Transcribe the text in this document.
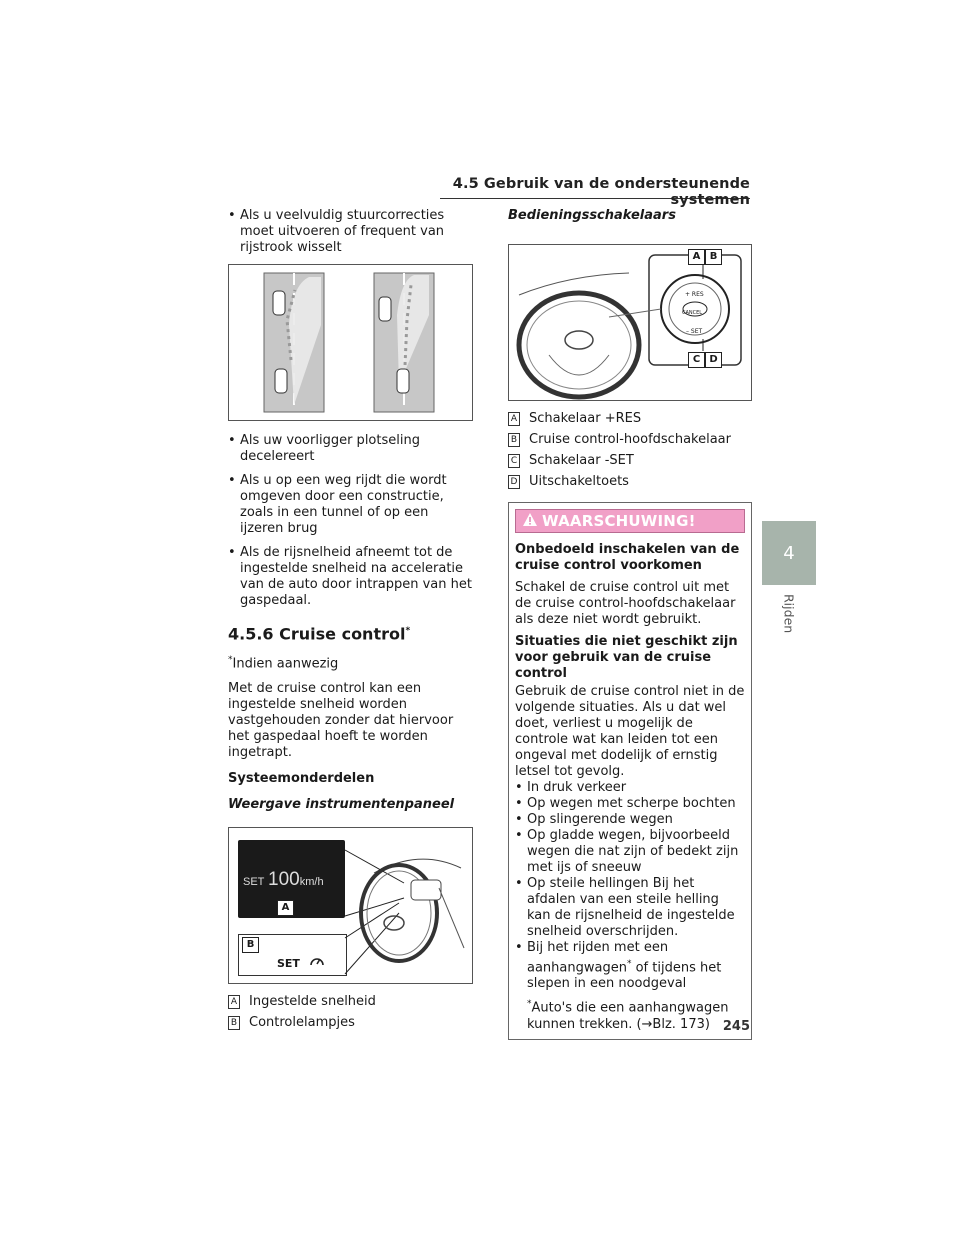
4.5 Gebruik van de ondersteunende systemen
4
Rijden
• Als u veelvuldig stuurcorrecties moet uitvoeren of frequent van rijstrook wisselt
• Als uw voorligger plotseling decelereert
• Als u op een weg rijdt die wordt omgeven door een constructie, zoals in een tunnel of op een ijzeren brug
• Als de rijsnelheid afneemt tot de ingestelde snelheid na acceleratie van de auto door intrappen van het gaspedaal.
4.5.6 Cruise control*
*Indien aanwezig
Met de cruise control kan een ingestelde snelheid worden vastgehouden zonder dat hiervoor het gaspedaal hoeft te worden ingetrapt.
Systeemonderdelen
Weergave instrumentenpaneel
SET 100km/h
A
B
SET
A Ingestelde snelheid
B Controlelampjes
Bedieningsschakelaars
A B
C D
+ RES
CANCEL
– SET
A Schakelaar +RES
B Cruise control-hoofdschakelaar
C Schakelaar -SET
D Uitschakeltoets
WAARSCHUWING!
Onbedoeld inschakelen van de cruise control voorkomen
Schakel de cruise control uit met de cruise control-hoofdschakelaar als deze niet wordt gebruikt.
Situaties die niet geschikt zijn voor gebruik van de cruise control
Gebruik de cruise control niet in de volgende situaties. Als u dat wel doet, verliest u mogelijk de controle wat kan leiden tot een ongeval met dodelijk of ernstig letsel tot gevolg.
• In druk verkeer
• Op wegen met scherpe bochten
• Op slingerende wegen
• Op gladde wegen, bijvoorbeeld wegen die nat zijn of bedekt zijn met ijs of sneeuw
• Op steile hellingen Bij het afdalen van een steile helling kan de rijsnelheid de ingestelde snelheid overschrijden.
• Bij het rijden met een aanhangwagen* of tijdens het slepen in een noodgeval
*Auto's die een aanhangwagen kunnen trekken. (→Blz. 173) 245
